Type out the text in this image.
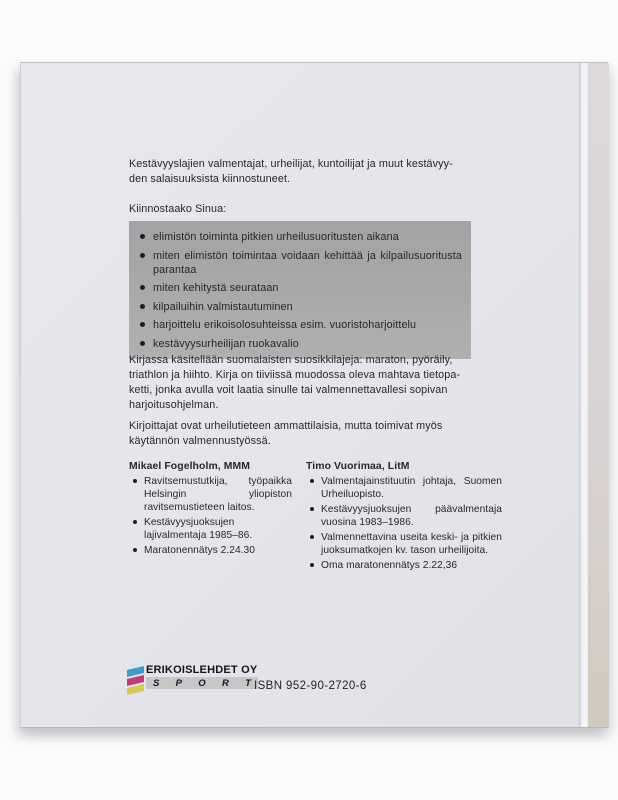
Kestävyyslajien valmentajat, urheilijat, kuntoilijat ja muut kestävyy-
den salaisuuksista kiinnostuneet.
Kiinnostaako Sinua:
elimistön toiminta pitkien urheilusuoritusten aikana
miten elimistön toimintaa voidaan kehittää ja kilpailusuoritusta parantaa
miten kehitystä seurataan
kilpailuihin valmistautuminen
harjoittelu erikoisolosuhteissa esim. vuoristoharjoittelu
kestävyysurheilijan ruokavalio
Kirjassa käsitellään suomalaisten suosikkilajeja: maraton, pyöräily,
triathlon ja hiihto. Kirja on tiiviissä muodossa oleva mahtava tietopa-
ketti, jonka avulla voit laatia sinulle tai valmennettavallesi sopivan
harjoitusohjelman.
Kirjoittajat ovat urheilutieteen ammattilaisia, mutta toimivat myös
käytännön valmennustyössä.
Mikael Fogelholm, MMM
Ravitsemustutkija, työpaikka Helsingin yliopiston ravitsemustieteen laitos.
Kestävyysjuoksujen lajivalmentaja 1985–86.
Maratonennätys 2.24.30
Timo Vuorimaa, LitM
Valmentajainstituutin johtaja, Suomen Urheiluopisto.
Kestävyysjuoksujen päävalmentaja vuosina 1983–1986.
Valmennettavina useita keski- ja pitkien juoksumatkojen kv. tason urheilijoita.
Oma maratonennätys 2.22,36
ERIKOISLEHDET OY
S P O R T ISBN 952-90-2720-6
